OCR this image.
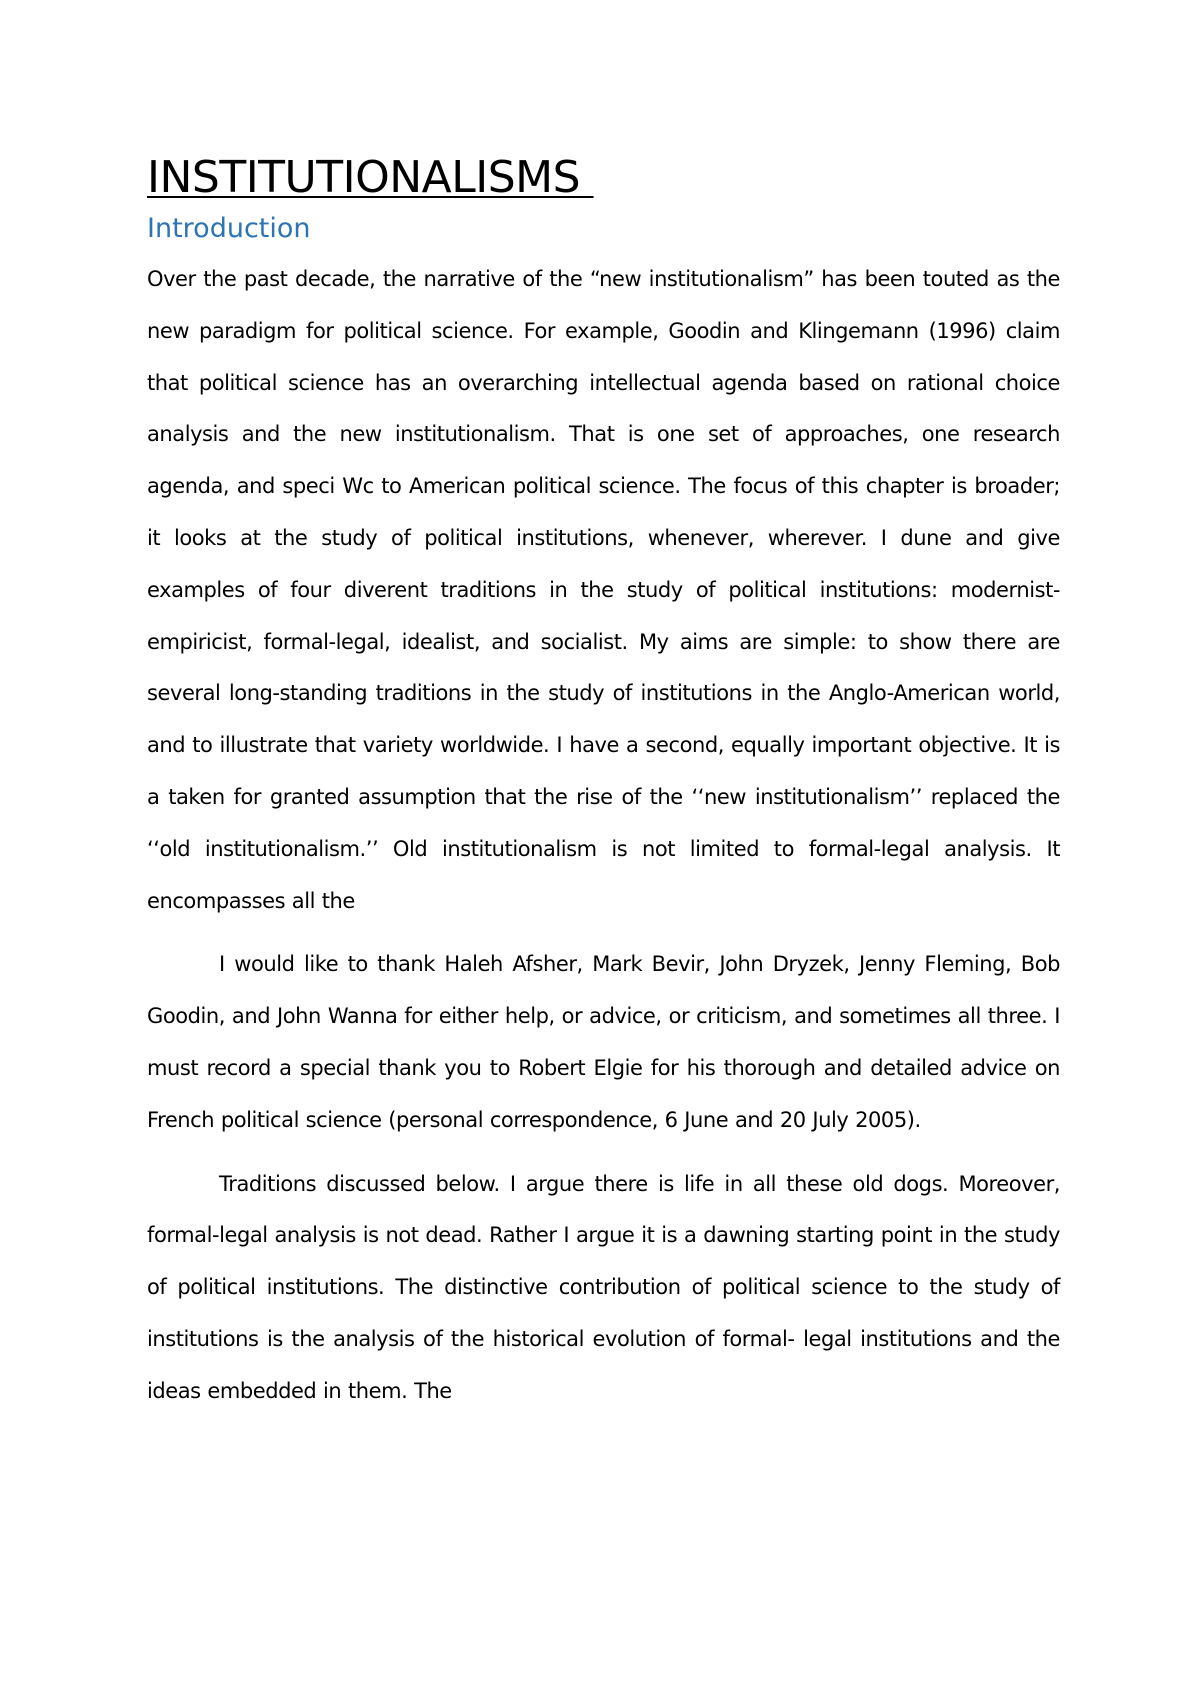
INSTITUTIONALISMS
Introduction

Over the past decade, the narrative of the “new institutionalism” has been touted as the new paradigm for political science. For example, Goodin and Klingemann (1996) claim that political science has an overarching intellectual agenda based on rational choice analysis and the new institutionalism. That is one set of approaches, one research agenda, and speci Wc to American political science. The focus of this chapter is broader; it looks at the study of political institutions, whenever, wherever. I dune and give examples of four diverent traditions in the study of political institutions: modernist-empiricist, formal-legal, idealist, and socialist. My aims are simple: to show there are several long-standing traditions in the study of institutions in the Anglo-American world, and to illustrate that variety worldwide. I have a second, equally important objective. It is a taken for granted assumption that the rise of the ‘‘new institutionalism’’ replaced the ‘‘old institutionalism.’’ Old institutionalism is not limited to formal-legal analysis. It encompasses all the

I would like to thank Haleh Afsher, Mark Bevir, John Dryzek, Jenny Fleming, Bob Goodin, and John Wanna for either help, or advice, or criticism, and sometimes all three. I must record a special thank you to Robert Elgie for his thorough and detailed advice on French political science (personal correspondence, 6 June and 20 July 2005).

Traditions discussed below. I argue there is life in all these old dogs. Moreover, formal-legal analysis is not dead. Rather I argue it is a dawning starting point in the study of political institutions. The distinctive contribution of political science to the study of institutions is the analysis of the historical evolution of formal- legal institutions and the ideas embedded in them. The
